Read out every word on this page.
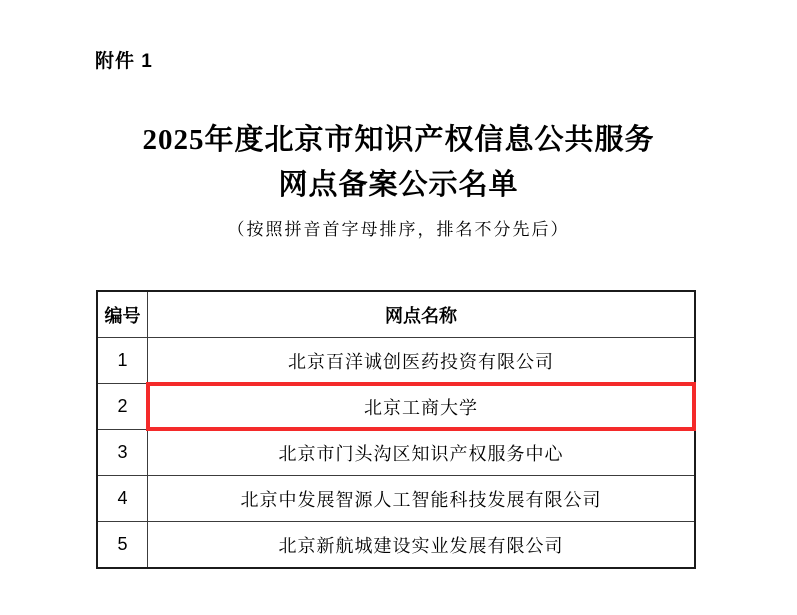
附件 1
2025年度北京市知识产权信息公共服务
网点备案公示名单
（按照拼音首字母排序，排名不分先后）
编号	网点名称
1	北京百洋诚创医药投资有限公司
2	北京工商大学

3	北京市门头沟区知识产权服务中心
4	北京中发展智源人工智能科技发展有限公司
5	北京新航城建设实业发展有限公司
